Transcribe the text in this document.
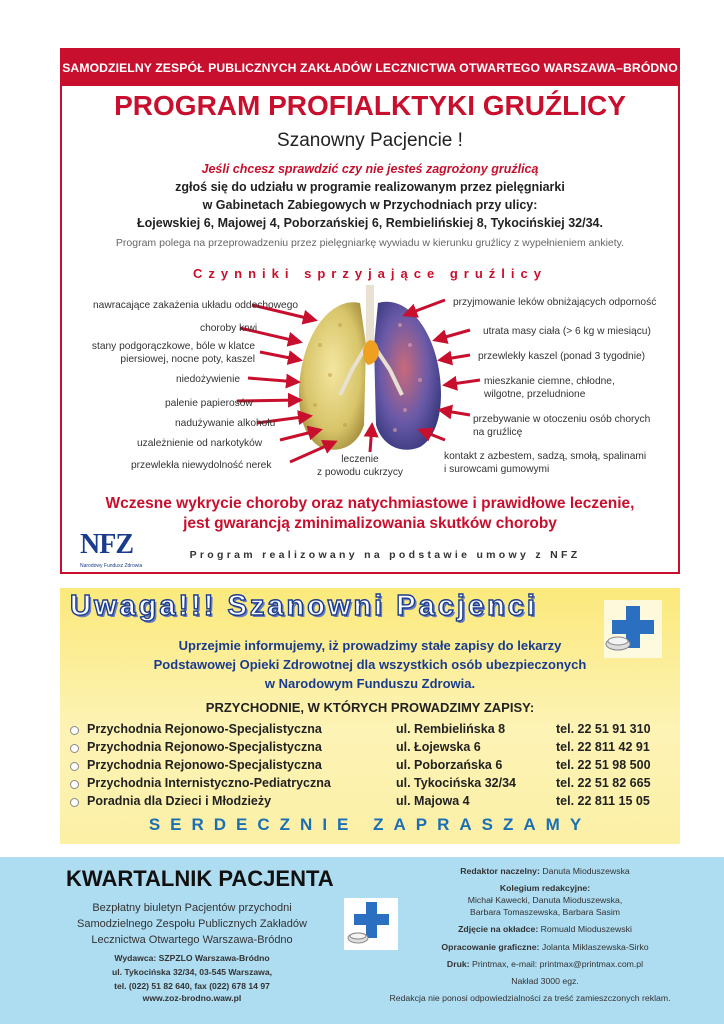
SAMODZIELNY ZESPÓŁ PUBLICZNYCH ZAKŁADÓW LECZNICTWA OTWARTEGO WARSZAWA–BRÓDNO
PROGRAM PROFIALKTYKI GRUŹLICY
Szanowny Pacjencie !
Jeśli chcesz sprawdzić czy nie jesteś zagrożony gruźlicą
zgłoś się do udziału w programie realizowanym przez pielęgniarki
w Gabinetach Zabiegowych w Przychodniach przy ulicy:
Łojewskiej 6, Majowej 4, Poborzańskiej 6, Rembielińskiej 8, Tykocińskiej 32/34.
Program polega na przeprowadzeniu przez pielęgniarkę wywiadu w kierunku gruźlicy z wypełnieniem ankiety.
Czynniki sprzyjające gruźlicy
nawracające zakażenia układu oddechowego
choroby krwi
stany podgorączkowe, bóle w klatce
piersiowej, nocne poty, kaszel
niedożywienie
palenie papierosów
nadużywanie alkoholu
uzależnienie od narkotyków
przewlekła niewydolność nerek
leczenie
z powodu cukrzycy
przyjmowanie leków obniżających odporność
utrata masy ciała (> 6 kg w miesiącu)
przewlekły kaszel (ponad 3 tygodnie)
mieszkanie ciemne, chłodne,
wilgotne, przeludnione
przebywanie w otoczeniu osób chorych
na gruźlicę
kontakt z azbestem, sadzą, smołą, spalinami
i surowcami gumowymi
Wczesne wykrycie choroby oraz natychmiastowe i prawidłowe leczenie,
jest gwarancją zminimalizowania skutków choroby
NFZ
Narodowy Fundusz Zdrowia
Program realizowany na podstawie umowy z NFZ
Uwaga!!! Szanowni Pacjenci
Uprzejmie informujemy, iż prowadzimy stałe zapisy do lekarzy
Podstawowej Opieki Zdrowotnej dla wszystkich osób ubezpieczonych
w Narodowym Funduszu Zdrowia.
PRZYCHODNIE, W KTÓRYCH PROWADZIMY ZAPISY:
Przychodnia Rejonowo-Specjalistyczna	ul. Rembielińska 8	tel. 22 51 91 310
Przychodnia Rejonowo-Specjalistyczna	ul. Łojewska 6	tel. 22 811 42 91
Przychodnia Rejonowo-Specjalistyczna	ul. Poborzańska 6	tel. 22 51 98 500
Przychodnia Internistyczno-Pediatryczna	ul. Tykocińska 32/34	tel. 22 51 82 665
Poradnia dla Dzieci i Młodzieży	ul. Majowa 4	tel. 22 811 15 05
SERDECZNIE ZAPRASZAMY
KWARTALNIK PACJENTA
Bezpłatny biuletyn Pacjentów przychodni
Samodzielnego Zespołu Publicznych Zakładów
Lecznictwa Otwartego Warszawa-Bródno
Wydawca: SZPZLO Warszawa-Bródno
ul. Tykocińska 32/34, 03-545 Warszawa,
tel. (022) 51 82 640, fax (022) 678 14 97
www.zoz-brodno.waw.pl
Redaktor naczelny: Danuta Mioduszewska
Kolegium redakcyjne:
Michał Kawecki, Danuta Mioduszewska,
Barbara Tomaszewska, Barbara Sasim
Zdjęcie na okładce: Romuald Mioduszewski
Opracowanie graficzne: Jolanta Miklaszewska-Sirko
Druk: Printmax, e-mail: printmax@printmax.com.pl
Nakład 3000 egz.
Redakcja nie ponosi odpowiedzialności za treść zamieszczonych reklam.
